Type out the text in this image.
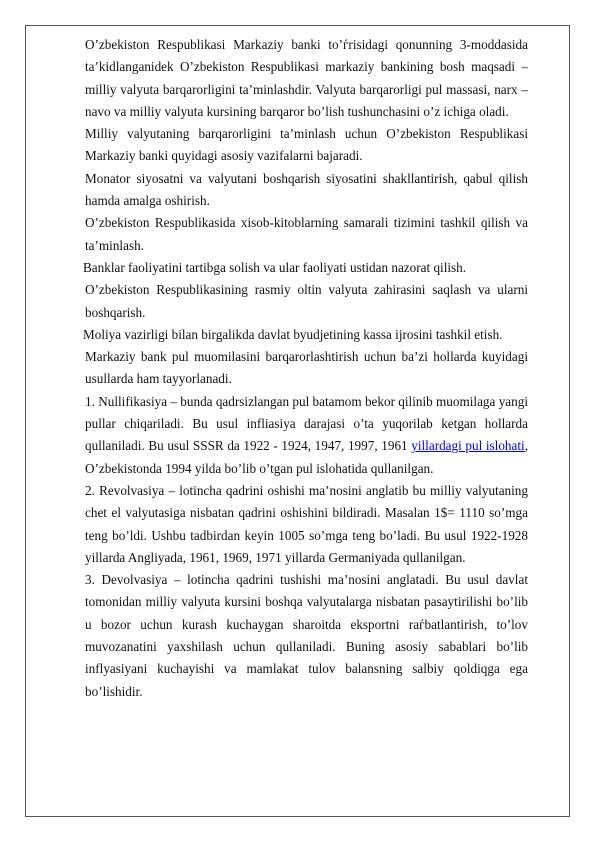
O’zbekiston Respublikasi Markaziy banki to’ѓrisidagi qonunning 3-moddasida ta’kidlanganidek O’zbekiston Respublikasi markaziy bankining bosh maqsadi – milliy valyuta barqarorligini ta’minlashdir. Valyuta barqarorligi pul massasi, narx – navo va milliy valyuta kursining barqaror bo’lish tushunchasini o’z ichiga oladi.

Milliy valyutaning barqarorligini ta’minlash uchun O’zbekiston Respublikasi Markaziy banki quyidagi asosiy vazifalarni bajaradi.

Monator siyosatni va valyutani boshqarish siyosatini shakllantirish, qabul qilish hamda amalga oshirish.

O’zbekiston Respublikasida xisob-kitoblarning samarali tizimini tashkil qilish va ta’minlash.

Banklar faoliyatini tartibga solish va ular faoliyati ustidan nazorat qilish.

O’zbekiston Respublikasining rasmiy oltin valyuta zahirasini saqlash va ularni boshqarish.

Moliya vazirligi bilan birgalikda davlat byudjetining kassa ijrosini tashkil etish.

Markaziy bank pul muomilasini barqarorlashtirish uchun ba’zi hollarda kuyidagi usullarda ham tayyorlanadi.

1. Nullifikasiya – bunda qadrsizlangan pul batamom bekor qilinib muomilaga yangi pullar chiqariladi. Bu usul infliasiya darajasi o’ta yuqorilab ketgan hollarda qullaniladi. Bu usul SSSR da 1922 - 1924, 1947, 1997, 1961 yillardagi pul islohati, O’zbekistonda 1994 yilda bo’lib o’tgan pul islohatida qullanilgan.

2. Revolvasiya – lotincha qadrini oshishi ma’nosini anglatib bu milliy valyutaning chet el valyutasiga nisbatan qadrini oshishini bildiradi. Masalan 1$= 1110 so’mga teng bo’ldi. Ushbu tadbirdan keyin 1005 so’mga teng bo’ladi. Bu usul 1922-1928 yillarda Angliyada, 1961, 1969, 1971 yillarda Germaniyada qullanilgan.

3. Devolvasiya – lotincha qadrini tushishi ma’nosini anglatadi. Bu usul davlat tomonidan milliy valyuta kursini boshqa valyutalarga nisbatan pasaytirilishi bo’lib u bozor uchun kurash kuchaygan sharoitda eksportni raѓbatlantirish, to’lov muvozanatini yaxshilash uchun qullaniladi. Buning asosiy sabablari bo’lib inflyasiyani kuchayishi va mamlakat tulov balansning salbiy qoldiqga ega bo’lishidir.
